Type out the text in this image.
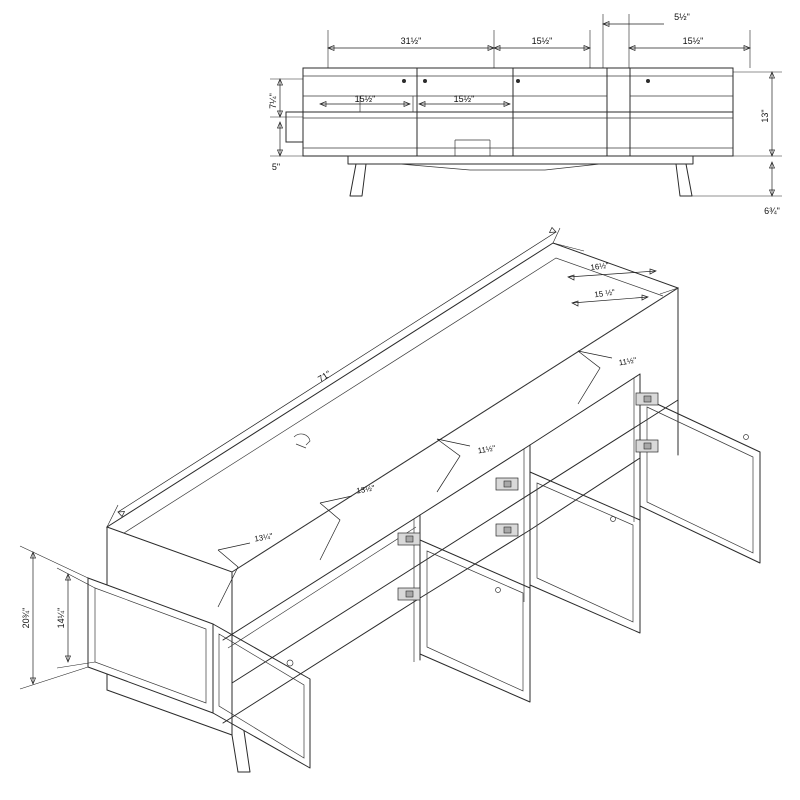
31½"	15½"	15½"
5½"
15½"	15½"
7¼"
5"
13"
6¾"
16½"
15 ½"
71"
11½"
11½"
13½"
13¼"
20¾"	14¼"
